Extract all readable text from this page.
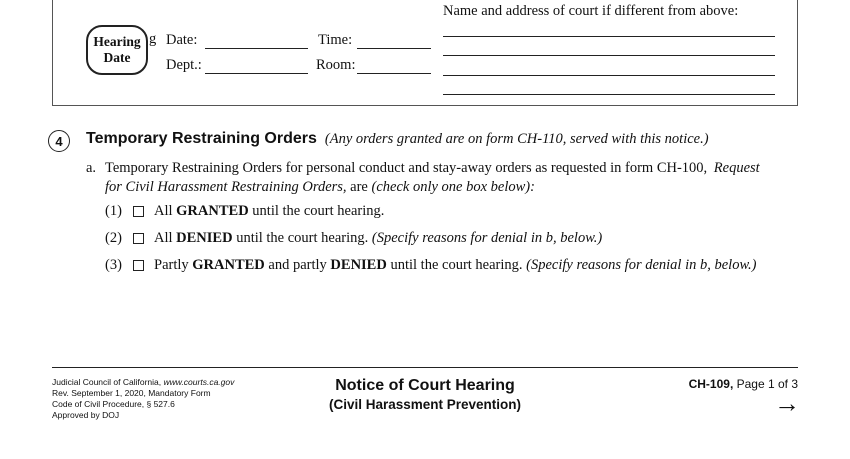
Hearing
Date
g Date:	Time:
Dept.:	Room:
Name and address of court if different from above:
4	Temporary Restraining Orders (Any orders granted are on form CH-110, served with this notice.)
a. Temporary Restraining Orders for personal conduct and stay-away orders as requested in form CH-100, Request
for Civil Harassment Restraining Orders, are (check only one box below):
(1) All GRANTED until the court hearing.
(2) All DENIED until the court hearing. (Specify reasons for denial in b, below.)
(3) Partly GRANTED and partly DENIED until the court hearing. (Specify reasons for denial in b, below.)
Judicial Council of California, www.courts.ca.gov
Rev. September 1, 2020, Mandatory Form
Code of Civil Procedure, § 527.6
Approved by DOJ
Notice of Court Hearing
(Civil Harassment Prevention)
CH-109, Page 1 of 3
→
